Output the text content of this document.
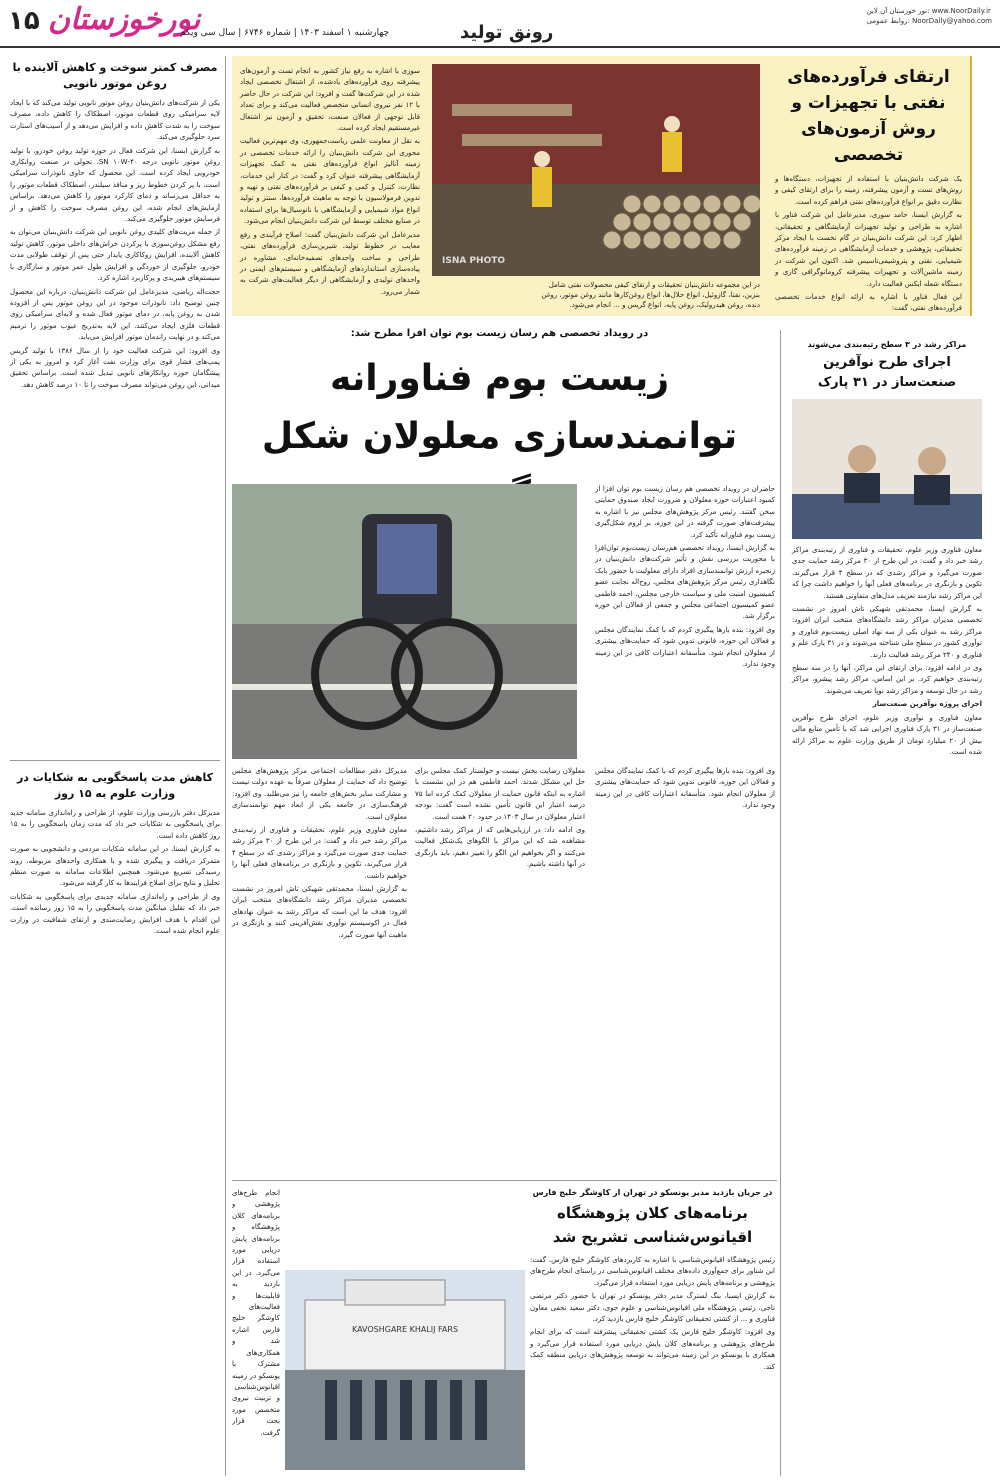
۱۵ نورخوزستان
چهارشنبه ۱ اسفند ۱۴۰۳ | شماره ۶۷۴۶ | سال سی ویکم	رونق تولید
نور خوزستان آن لاین: www.NoorDaily.ir
روابط عمومی: NoorDaily@yahoo.com

سوزی با اشاره به رفع نیاز کشور به انجام تست و آزمون‌های پیشرفته روی فرآورده‌های یادشده، از اشتغال تخصصی ایجاد شده در این شرکت‌ها گفت و افزود: این شرکت در حال حاضر با ۱۲ نفر نیروی انسانی متخصص فعالیت می‌کند و برای تعداد قابل توجهی از فعالان صنعت، تحقیق و آزمون نیز اشتغال غیرمستقیم ایجاد کرده است.

به نقل از معاونت علمی ریاست‌جمهوری، وی مهم‌ترین فعالیت محوری این شرکت دانش‌بنیان را ارائه خدمات تخصصی در زمینه آنالیز انواع فرآورده‌های نفتی به کمک تجهیزات آزمایشگاهی پیشرفته عنوان کرد و گفت: در کنار این خدمات، نظارت، کنترل و کمی و کیفی بر فرآورده‌های نفتی و تهیه و تدوین فرمولاسیون با توجه به ماهیت فرآورده‌ها، سنتز و تولید انواع مواد شیمیایی و آزمایشگاهی با نانوسیال‌ها برای استفاده در صنایع مختلف توسط این شرکت دانش‌بنیان انجام می‌شود.

مدیرعامل این شرکت دانش‌بنیان گفت: اصلاح فرآیندی و رفع معایب در خطوط تولید، شیرین‌سازی فرآورده‌های نفتی، طراحی و ساخت واحدهای تصفیه‌خانه‌ای، مشاوره در پیاده‌سازی استانداردهای آزمایشگاهی و سیستم‌های ایمنی در واحدهای تولیدی و آزمایشگاهی از دیگر فعالیت‌های شرکت به شمار می‌رود.

ISNA PHOTO
در این مجموعه دانش‌بنیان تحقیقات و ارتقای کیفی محصولات نفتی شامل بنزین، نفتا، گازوئیل، انواع حلال‌ها، انواع روغن‌کارها مانند روغن موتور، روغن دنده، روغن هیدرولیک، روغن پایه، انواع گریس و ... انجام می‌شود.
ارتقای فرآورده‌های نفتی با تجهیزات و روش آزمون‌های تخصصی

یک شرکت دانش‌بنیان با استفاده از تجهیزات، دستگاه‌ها و روش‌های تست و آزمون پیشرفته، زمینه را برای ارتقای کیفی و نظارت دقیق بر انواع فرآورده‌های نفتی فراهم کرده است.

به گزارش ایسنا، حامد سوری، مدیرعامل این شرکت فناور با اشاره به طراحی و تولید تجهیزات آزمایشگاهی و تحقیقاتی، اظهار کرد: این شرکت دانش‌بنیان در گام نخست با ایجاد مرکز تحقیقاتی، پژوهشی و خدمات آزمایشگاهی در زمینه فرآورده‌های شیمیایی، نفتی و پتروشیمی‌تاسیس شد. اکنون این شرکت در زمینه ماشین‌آلات و تجهیزات پیشرفته کروماتوگرافی گازی و دستگاه‌ شعله ایکس فعالیت دارد.

این فعال فناور با اشاره به ارائه انواع خدمات تخصصی فرآورده‌های نفتی، گفت:

مصرف کمتر سوخت و کاهش آلاینده با روغن موتور نانویی

یکی از شرکت‌های دانش‌بنیان روغن موتور نانویی تولید می‌کند که با ایجاد لایه سرامیکی روی قطعات موتور، اصطکاک را کاهش داده، مصرف سوخت را به شدت کاهش داده و افزایش می‌دهد و از آسیب‌های استارت سرد جلوگیری می‌کند.

به گزارش ایسنا، این شرکت فعال در حوزه تولید روغن خودرو، با تولید روغن موتور نانویی درجه ۴۰-SN ۱۰W، تحولی در صنعت روانکاری خودرویی ایجاد کرده است. این محصول که حاوی نانوذرات سرامیکی است، با پر کردن خطوط ریز و منافذ سیلندر، اصطکاک قطعات موتور را به حداقل می‌رساند و دمای کارکرد موتور را کاهش می‌دهد. براساس آزمایش‌های انجام شده، این روغن مصرف سوخت را کاهش و از فرسایش موتور جلوگیری می‌کند.

از جمله مزیت‌های کلیدی روغن نانویی این شرکت دانش‌بنیان می‌توان به رفع مشکل روغن‌سوزی با پرکردن خراش‌های داخلی موتور، کاهش تولید کاهش آلاینده، افزایش روکاکاری پایدار حتی پس از توقف طولانی مدت خودرو، جلوگیری از خوردگی و افزایش طول عمر موتور و سازگاری با سیستم‌های هیبریدی و پرکاربرد اشاره کرد.

حجت‌اله ریاضی، مدیرعامل این شرکت دانش‌بنیان، درباره این محصول چنین توضیح داد: نانوذرات موجود در این روغن موتور پس از افزوده شدن به روغن پایه، در دمای موتور فعال شده و لایه‌ای سرامیکی روی قطعات فلزی ایجاد می‌کنند. این لایه به‌تدریج عیوب موتور را ترمیم می‌کند و در نهایت راندمان موتور افزایش می‌یابد.

وی افزود: این شرکت فعالیت خود را از سال ۱۳۸۶ با تولید گریس پمپ‌های فشار قوی برای وزارت نفت آغاز کرد و امروز به یکی از پیشگامان حوزه روانکارهای نانویی تبدیل شده است. براساس تحقیق میدانی، این روغن می‌تواند مصرف سوخت را تا ۱۰ درصد کاهش دهد.

کاهش مدت پاسخگویی به شکایات در وزارت علوم به ۱۵ روز

مدیرکل دفتر بازرسی وزارت علوم، از طراحی و راه‌اندازی سامانه جدید برای پاسخگویی به شکایات خبر داد که مدت زمان پاسخگویی را به ۱۵ روز کاهش داده است.

به گزارش ایسنا، در این سامانه شکایات مردمی و دانشجویی به صورت متمرکز دریافت و پیگیری شده و با همکاری واحدهای مربوطه، روند رسیدگی تسریع می‌شود. همچنین اطلاعات سامانه به صورت منظم تحلیل و نتایج برای اصلاح فرایندها به کار گرفته می‌شود.

وی از طراحی و راه‌اندازی سامانه جدیدی برای پاسخگویی به شکایات خبر داد که تقلیل میانگین مدت پاسخگویی را به ۱۵ روز رسانده است. این اقدام با هدف افزایش رضایت‌مندی و ارتقای شفافیت در وزارت علوم انجام شده است.

در رویداد تخصصی هم رسان زیست بوم توان افزا مطرح شد:
زیست بوم فناورانه توانمندسازی معلولان شکل

حاضران در رویداد تخصصی هم رسان زیست بوم توان افزا از کمبود اعتبارات حوزه معلولان و ضرورت ایجاد صندوق حمایتی سخن گفتند. رئیس مرکز پژوهش‌های مجلس نیز با اشاره به پیشرفت‌های صورت گرفته در این حوزه، بر لزوم شکل‌گیری زیست بوم فناورانه تأکید کرد.

به گزارش ایسنا، رویداد تخصصی هم‌رسان زیست‌بوم توان‌افزا با محوریت بررسی نقش و تأثیر شرکت‌های دانش‌بنیان در زنجیره ارزش توانمندسازی افراد دارای معلولیت با حضور بابک نگاهداری رئیس مرکز پژوهش‌های مجلس، روح‌اله نجابت عضو کمیسیون امنیت ملی و سیاست خارجی مجلس، احمد فاطمی عضو کمیسیون اجتماعی مجلس و جمعی از فعالان این حوزه برگزار شد.

وی افزود: بنده بارها پیگیری کردم که با کمک نمایندگان مجلس و فعالان این حوزه، قانونی تدوین شود که حمایت‌های بیشتری از معلولان انجام شود. متأسفانه اعتبارات کافی در این زمینه وجود ندارد.

معلولان رضایت بخش نیست و خولستار کمک مجلس برای حل این مشکل شدند. احمد فاطمی هم در این نشست با اشاره به اینکه قانون حمایت از معلولان کمک کرده اما ۷۵ درصد اعتبار این قانون تأمین نشده است گفت: بودجه اعتبار معلولان در سال ۱۴۰۳ در حدود ۲۰ همت است.

وی ادامه داد: در ارزیابی‌هایی که از مراکز رشد داشتیم، مشاهده شد که این مراکز با الگوهای یک‌شکل فعالیت می‌کنند و اگر بخواهیم این الگو را تغییر دهیم، باید بازنگری در آنها داشته باشیم.

مدیرکل دفتر مطالعات اجتماعی مرکز پژوهش‌های مجلس توضیح داد که حمایت از معلولان صرفاً به عهده دولت نیست و مشارکت سایر بخش‌های جامعه را نیز می‌طلبد. وی افزود: فرهنگ‌سازی در جامعه یکی از ابعاد مهم توانمندسازی معلولان است.

معاون فناوری وزیر علوم، تحقیقات و فناوری از رتبه‌بندی مراکز رشد خبر داد و گفت: در این طرح از ۳۰ مرکز رشد حمایت جدی صورت می‌گیرد و مراکز رشدی که در سطح ۴ قرار می‌گیرند، تکوین و بازنگری در برنامه‌های فعلی آنها را خواهیم داشت.

به گزارش ایسنا، محمدتقی شهیکی تاش امروز در نشست تخصصی مدیران مراکز رشد دانشگاه‌های منتخب ایران افزود: هدف ما این است که مراکز رشد به عنوان نهادهای فعال در اکوسیستم نوآوری نقش‌آفرینی کنند و بازنگری در ماهیت آنها صورت گیرد.

وی افزود: بنده بارها پیگیری کردم که با کمک نمایندگان مجلس و فعالان این حوزه، قانونی تدوین شود که حمایت‌های بیشتری از معلولان انجام شود. متأسفانه اعتبارات کافی در این زمینه وجود ندارد.

مراکز رشد در ۳ سطح رتبه‌بندی می‌شوند
اجرای طرح نوآفرین صنعت‌ساز در ۳۱ پارک

معاون فناوری وزیر علوم، تحقیقات و فناوری از رتبه‌بندی مراکز رشد خبر داد و گفت: در این طرح از ۳۰ مرکز رشد حمایت جدی صورت می‌گیرد و مراکز رشدی که در سطح ۴ قرار می‌گیرند، تکوین و بازنگری در برنامه‌های فعلی آنها را خواهیم داشت چرا که این مراکز رشد نیازمند تعریف مدل‌های متفاوتی هستند.

به گزارش ایسنا، محمدتقی شهیکی تاش امروز در نشست تخصصی مدیران مراکز رشد دانشگاه‌های منتخب ایران افزود: مراکز رشد به عنوان یکی از سه نهاد اصلی زیست‌بوم فناوری و نوآوری کشور در سطح ملی شناخته می‌شوند و در ۳۱ پارک علم و فناوری و ۲۴۰ مرکز رشد فعالیت دارند.

وی در ادامه افزود: برای ارتقای این مراکز، آنها را در سه سطح رتبه‌بندی خواهیم کرد. بر این اساس، مراکز رشد پیشرو، مراکز رشد در حال توسعه و مراکز رشد نوپا تعریف می‌شوند.

اجرای پروژه نوآفرین صنعت‌ساز

معاون فناوری و نوآوری وزیر علوم، اجرای طرح نوآفرین صنعت‌ساز در ۳۱ پارک فناوری اجرایی شد که با تأمین منابع مالی بیش از ۲۰ میلیارد تومان از طریق وزارت علوم به مراکز ارائه شده است.

در جریان بازدید مدیر یونسکو در تهران از کاوشگر خلیج فارس
برنامه‌های کلان پژوهشگاه اقیانوس‌شناسی تشریح شد

رئیس پژوهشگاه اقیانوس‌شناسی با اشاره به کاربردهای کاوشگر خلیج فارس، گفت: این شناور برای جمع‌آوری داده‌های مختلف اقیانوس‌شناسی در راستای انجام طرح‌های پژوهشی و برنامه‌های پایش دریایی مورد استفاده قرار می‌گیرد.

به گزارش ایسنا، بنگ لسترگ مدیر دفتر یونسکو در تهران با حضور دکتر مرتضی تاجی، رئیس پژوهشگاه ملی اقیانوس‌شناسی و علوم جوی، دکتر سعید نجفی معاون فناوری و ... از کشتی تحقیقاتی کاوشگر خلیج فارس بازدید کرد.

وی افزود: کاوشگر خلیج فارس یک کشتی تحقیقاتی پیشرفته است که برای انجام طرح‌های پژوهشی و برنامه‌های کلان پایش دریایی مورد استفاده قرار می‌گیرد و همکاری با یونسکو در این زمینه می‌تواند به توسعه پژوهش‌های دریایی منطقه کمک کند.

KAVOSHGARE KHALIJ FARS

انجام طرح‌های پژوهشی و برنامه‌های کلان پژوهشگاه و برنامه‌های پایش دریایی مورد استفاده قرار می‌گیرد. در این بازدید به قابلیت‌ها و فعالیت‌های کاوشگر خلیج فارس اشاره شد و همکاری‌های مشترک با یونسکو در زمینه اقیانوس‌شناسی و تربیت نیروی متخصص مورد بحث قرار گرفت.
